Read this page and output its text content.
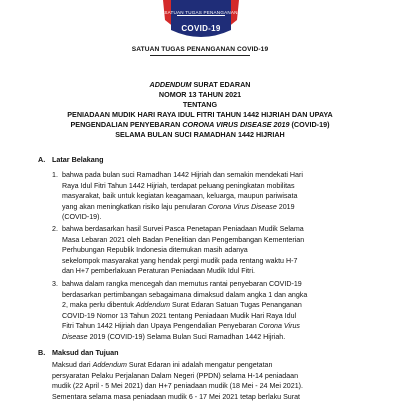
SATUAN TUGAS PENANGANAN
COVID-19
SATUAN TUGAS PENANGANAN COVID-19
ADDENDUM SURAT EDARAN
NOMOR 13 TAHUN 2021
TENTANG
PENIADAAN MUDIK HARI RAYA IDUL FITRI TAHUN 1442 HIJRIAH DAN UPAYA
PENGENDALIAN PENYEBARAN CORONA VIRUS DISEASE 2019 (COVID-19)
SELAMA BULAN SUCI RAMADHAN 1442 HIJRIAH
A. Latar Belakang
1. bahwa pada bulan suci Ramadhan 1442 Hijriah dan semakin mendekati Hari
Raya Idul Fitri Tahun 1442 Hijriah, terdapat peluang peningkatan mobilitas
masyarakat, baik untuk kegiatan keagamaan, keluarga, maupun pariwisata
yang akan meningkatkan risiko laju penularan Corona Virus Disease 2019
(COVID-19).
2. bahwa berdasarkan hasil Survei Pasca Penetapan Peniadaan Mudik Selama
Masa Lebaran 2021 oleh Badan Penelitian dan Pengembangan Kementerian
Perhubungan Republik Indonesia ditemukan masih adanya
sekelompok masyarakat yang hendak pergi mudik pada rentang waktu H-7
dan H+7 pemberlakuan Peraturan Peniadaan Mudik Idul Fitri.
3. bahwa dalam rangka mencegah dan memutus rantai penyebaran COVID-19
berdasarkan pertimbangan sebagaimana dimaksud dalam angka 1 dan angka
2, maka perlu dibentuk Addendum Surat Edaran Satuan Tugas Penanganan
COVID-19 Nomor 13 Tahun 2021 tentang Peniadaan Mudik Hari Raya Idul
Fitri Tahun 1442 Hijriah dan Upaya Pengendalian Penyebaran Corona Virus
Disease 2019 (COVID-19) Selama Bulan Suci Ramadhan 1442 Hijriah.
B. Maksud dan Tujuan
Maksud dari Addendum Surat Edaran ini adalah mengatur pengetatan
persyaratan Pelaku Perjalanan Dalam Negeri (PPDN) selama H-14 peniadaan
mudik (22 April - 5 Mei 2021) dan H+7 peniadaan mudik (18 Mei - 24 Mei 2021).
Sementara selama masa peniadaan mudik 6 - 17 Mei 2021 tetap berlaku Surat
